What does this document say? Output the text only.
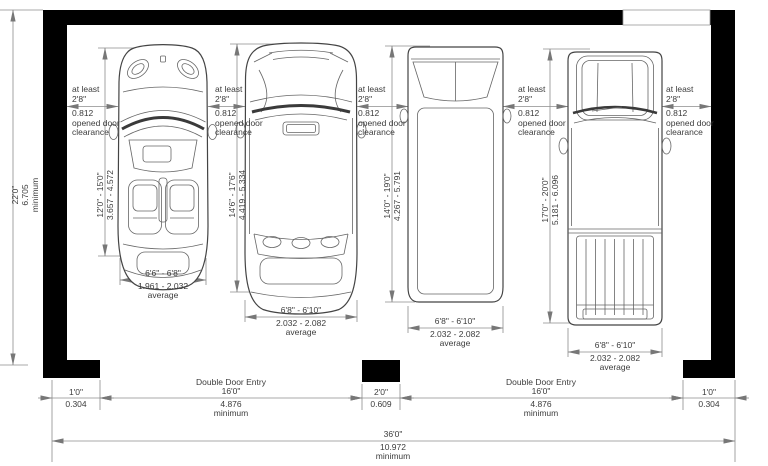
22'0" 6.705 minimum	12'0" - 15'0" 3.657 - 4.572	14'6" - 17'6" 4.419 - 5.334	14'0" - 19'0" 4.267 - 5.791	17'0" - 20'0" 5.181 - 6.096
at least
2'8"
0.812
opened door
clearance
at least
2'8"
0.812
opened door
clearance
at least
2'8"
0.812
opened door
clearance
at least
2'8"
0.812
opened door
clearance
at least
2'8"
0.812
opened door
clearance
6'6" - 6'8"
1.961 - 2.032
average
6'8" - 6'10"
2.032 - 2.082
average
6'8" - 6'10"
2.032 - 2.082
average	6'8" - 6'10"
2.032 - 2.082
average
1'0"
0.304
Double Door Entry
16'0"
4.876
minimum
2'0"
0.609
Double Door Entry
16'0"
4.876
minimum
1'0"
0.304
36'0"
10.972
minimum
